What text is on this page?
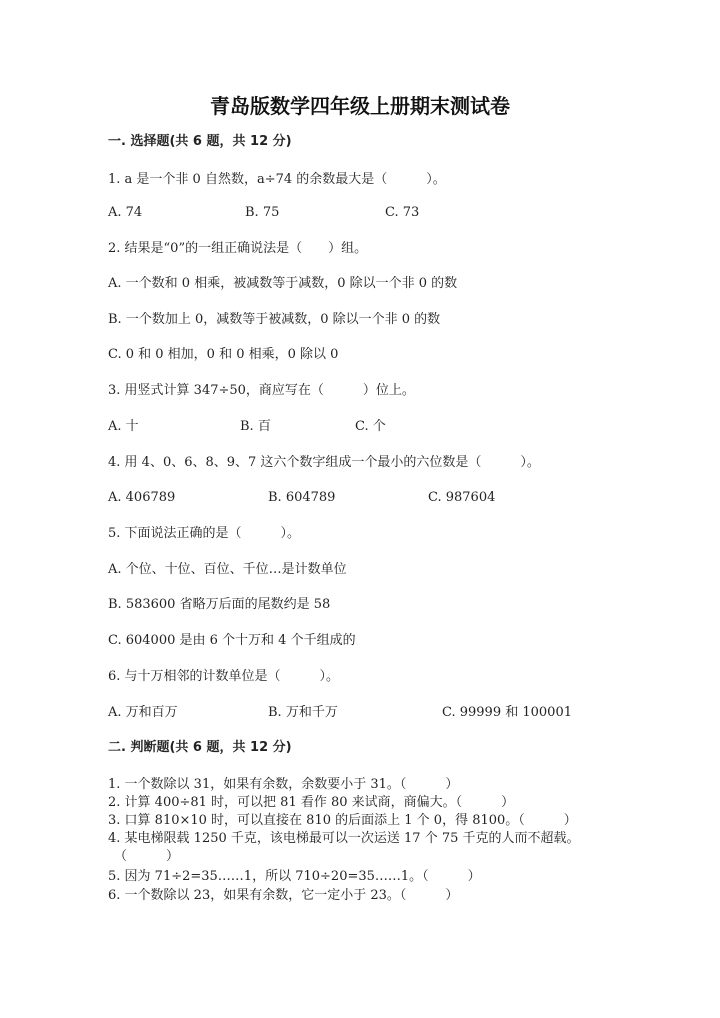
青岛版数学四年级上册期末测试卷
一. 选择题(共 6 题，共 12 分)
1. a 是一个非 0 自然数，a÷74 的余数最大是（　　　）。
A. 74	B. 75	C. 73
2. 结果是“0”的一组正确说法是（　　）组。
A. 一个数和 0 相乘，被减数等于减数，0 除以一个非 0 的数
B. 一个数加上 0，减数等于被减数，0 除以一个非 0 的数
C. 0 和 0 相加，0 和 0 相乘，0 除以 0
3. 用竖式计算 347÷50，商应写在（　　　）位上。
A. 十	B. 百	C. 个
4. 用 4、0、6、8、9、7 这六个数字组成一个最小的六位数是（　　　）。
A. 406789	B. 604789	C. 987604
5. 下面说法正确的是（　　　）。
A. 个位、十位、百位、千位…是计数单位
B. 583600 省略万后面的尾数约是 58
C. 604000 是由 6 个十万和 4 个千组成的
6. 与十万相邻的计数单位是（　　　）。
A. 万和百万	B. 万和千万	C. 99999 和 100001
二. 判断题(共 6 题，共 12 分)
1. 一个数除以 31，如果有余数，余数要小于 31。（　　　）
2. 计算 400÷81 时，可以把 81 看作 80 来试商，商偏大。（　　　）
3. 口算 810×10 时，可以直接在 810 的后面添上 1 个 0，得 8100。（　　　）
4. 某电梯限载 1250 千克，该电梯最可以一次运送 17 个 75 千克的人而不超载。
（　　　）
5. 因为 71÷2=35……1，所以 710÷20=35……1。（　　　）
6. 一个数除以 23，如果有余数，它一定小于 23。（　　　）
